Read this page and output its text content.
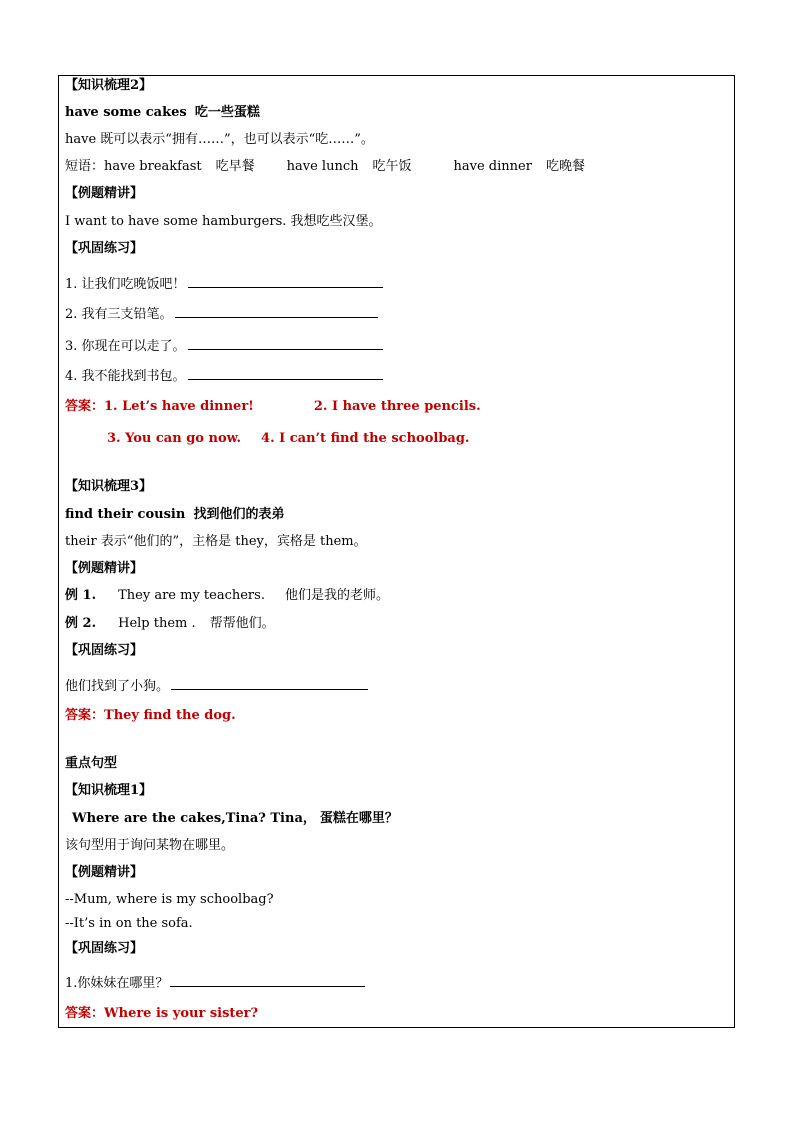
【知识梳理2】
have some cakes 吃一些蛋糕
have 既可以表示“拥有……”，也可以表示“吃……”。
短语：have breakfast 吃早餐 have lunch 吃午饭	have dinner 吃晚餐
【例题精讲】
I want to have some hamburgers. 我想吃些汉堡。
【巩固练习】
1. 让我们吃晚饭吧！
2. 我有三支铅笔。
3. 你现在可以走了。
4. 我不能找到书包。
答案：1. Let’s have dinner!	2. I have three pencils.
3. You can go now. 4. I can’t find the schoolbag.
【知识梳理3】
find their cousin 找到他们的表弟
their 表示“他们的”，主格是 they，宾格是 them。
【例题精讲】
例 1. They are my teachers. 他们是我的老师。
例 2. Help them . 帮帮他们。
【巩固练习】
他们找到了小狗。
答案：They find the dog.
重点句型
【知识梳理1】
Where are the cakes,Tina? Tina， 蛋糕在哪里？
该句型用于询问某物在哪里。
【例题精讲】
--Mum, where is my schoolbag?
--It’s in on the sofa.
【巩固练习】
1.你妹妹在哪里？
答案：Where is your sister?
